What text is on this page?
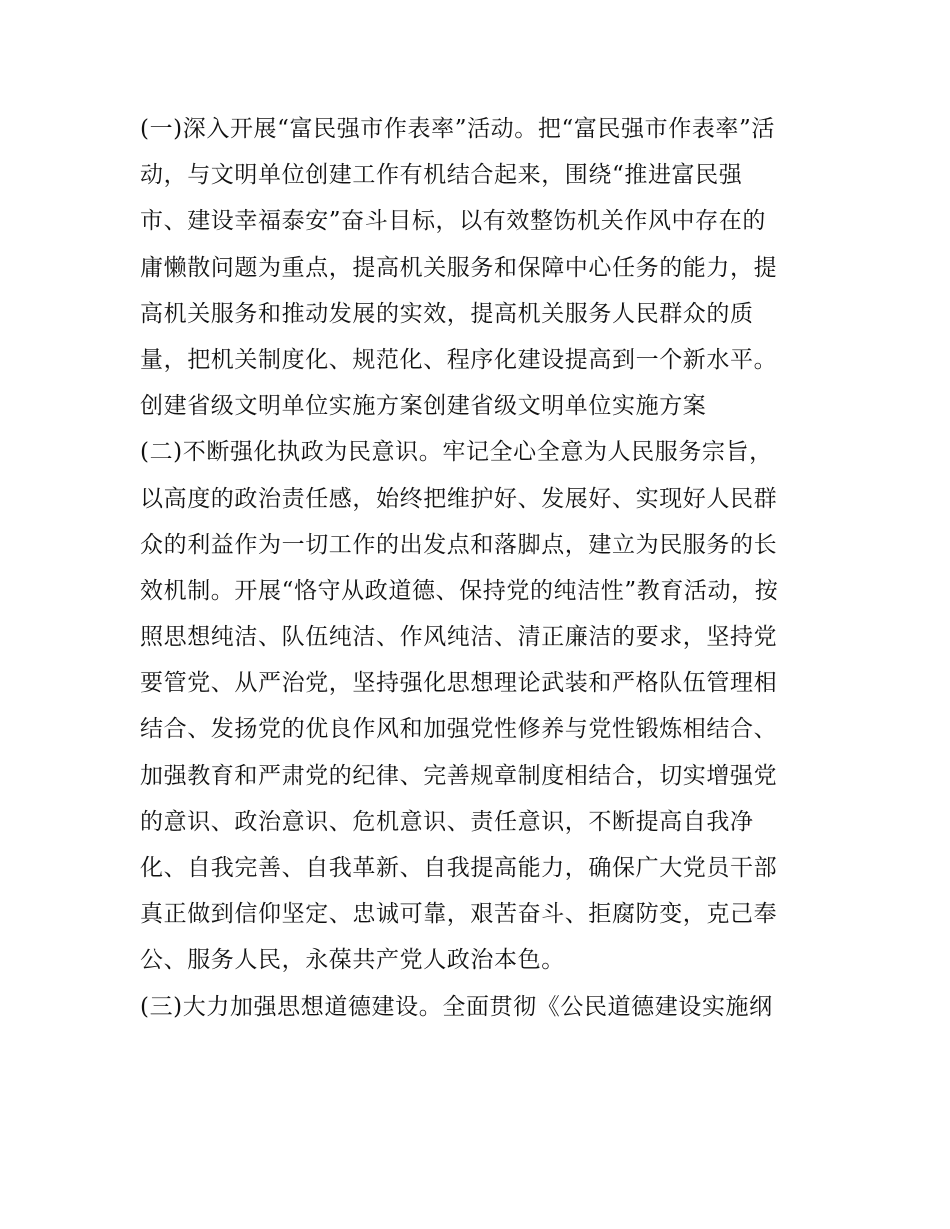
(一)深入开展“富民强市作表率”活动。把“富民强市作表率”活
动，与文明单位创建工作有机结合起来，围绕“推进富民强
市、建设幸福泰安”奋斗目标，以有效整饬机关作风中存在的
庸懒散问题为重点，提高机关服务和保障中心任务的能力，提
高机关服务和推动发展的实效，提高机关服务人民群众的质
量，把机关制度化、规范化、程序化建设提高到一个新水平。
创建省级文明单位实施方案创建省级文明单位实施方案
(二)不断强化执政为民意识。牢记全心全意为人民服务宗旨，
以高度的政治责任感，始终把维护好、发展好、实现好人民群
众的利益作为一切工作的出发点和落脚点，建立为民服务的长
效机制。开展“恪守从政道德、保持党的纯洁性”教育活动，按
照思想纯洁、队伍纯洁、作风纯洁、清正廉洁的要求，坚持党
要管党、从严治党，坚持强化思想理论武装和严格队伍管理相
结合、发扬党的优良作风和加强党性修养与党性锻炼相结合、
加强教育和严肃党的纪律、完善规章制度相结合，切实增强党
的意识、政治意识、危机意识、责任意识，不断提高自我净
化、自我完善、自我革新、自我提高能力，确保广大党员干部
真正做到信仰坚定、忠诚可靠，艰苦奋斗、拒腐防变，克己奉
公、服务人民，永葆共产党人政治本色。
(三)大力加强思想道德建设。全面贯彻《公民道德建设实施纲
